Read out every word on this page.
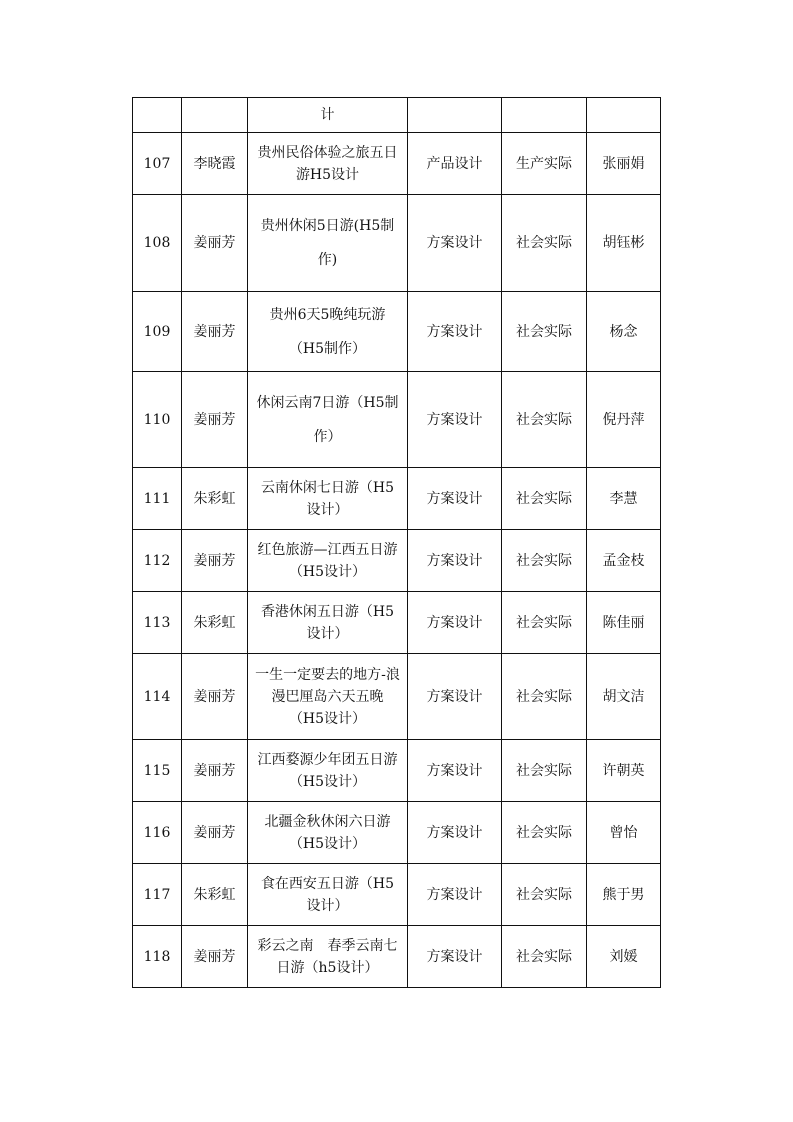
		计			
107	李晓霞	贵州民俗体验之旅五日游H5设计	产品设计	生产实际	张丽娟
108	姜丽芳	贵州休闲5日游(H5制作)	方案设计	社会实际	胡钰彬
109	姜丽芳	贵州6天5晚纯玩游（H5制作）	方案设计	社会实际	杨念
110	姜丽芳	休闲云南7日游（H5制作）	方案设计	社会实际	倪丹萍
111	朱彩虹	云南休闲七日游（H5设计）	方案设计	社会实际	李慧
112	姜丽芳	红色旅游—江西五日游（H5设计）	方案设计	社会实际	孟金枝
113	朱彩虹	香港休闲五日游（H5设计）	方案设计	社会实际	陈佳丽
114	姜丽芳	一生一定要去的地方-浪漫巴厘岛六天五晚（H5设计）	方案设计	社会实际	胡文洁
115	姜丽芳	江西婺源少年团五日游（H5设计）	方案设计	社会实际	许朝英
116	姜丽芳	北疆金秋休闲六日游（H5设计）	方案设计	社会实际	曾怡
117	朱彩虹	食在西安五日游（H5设计）	方案设计	社会实际	熊于男
118	姜丽芳	彩云之南　春季云南七日游（h5设计）	方案设计	社会实际	刘媛
